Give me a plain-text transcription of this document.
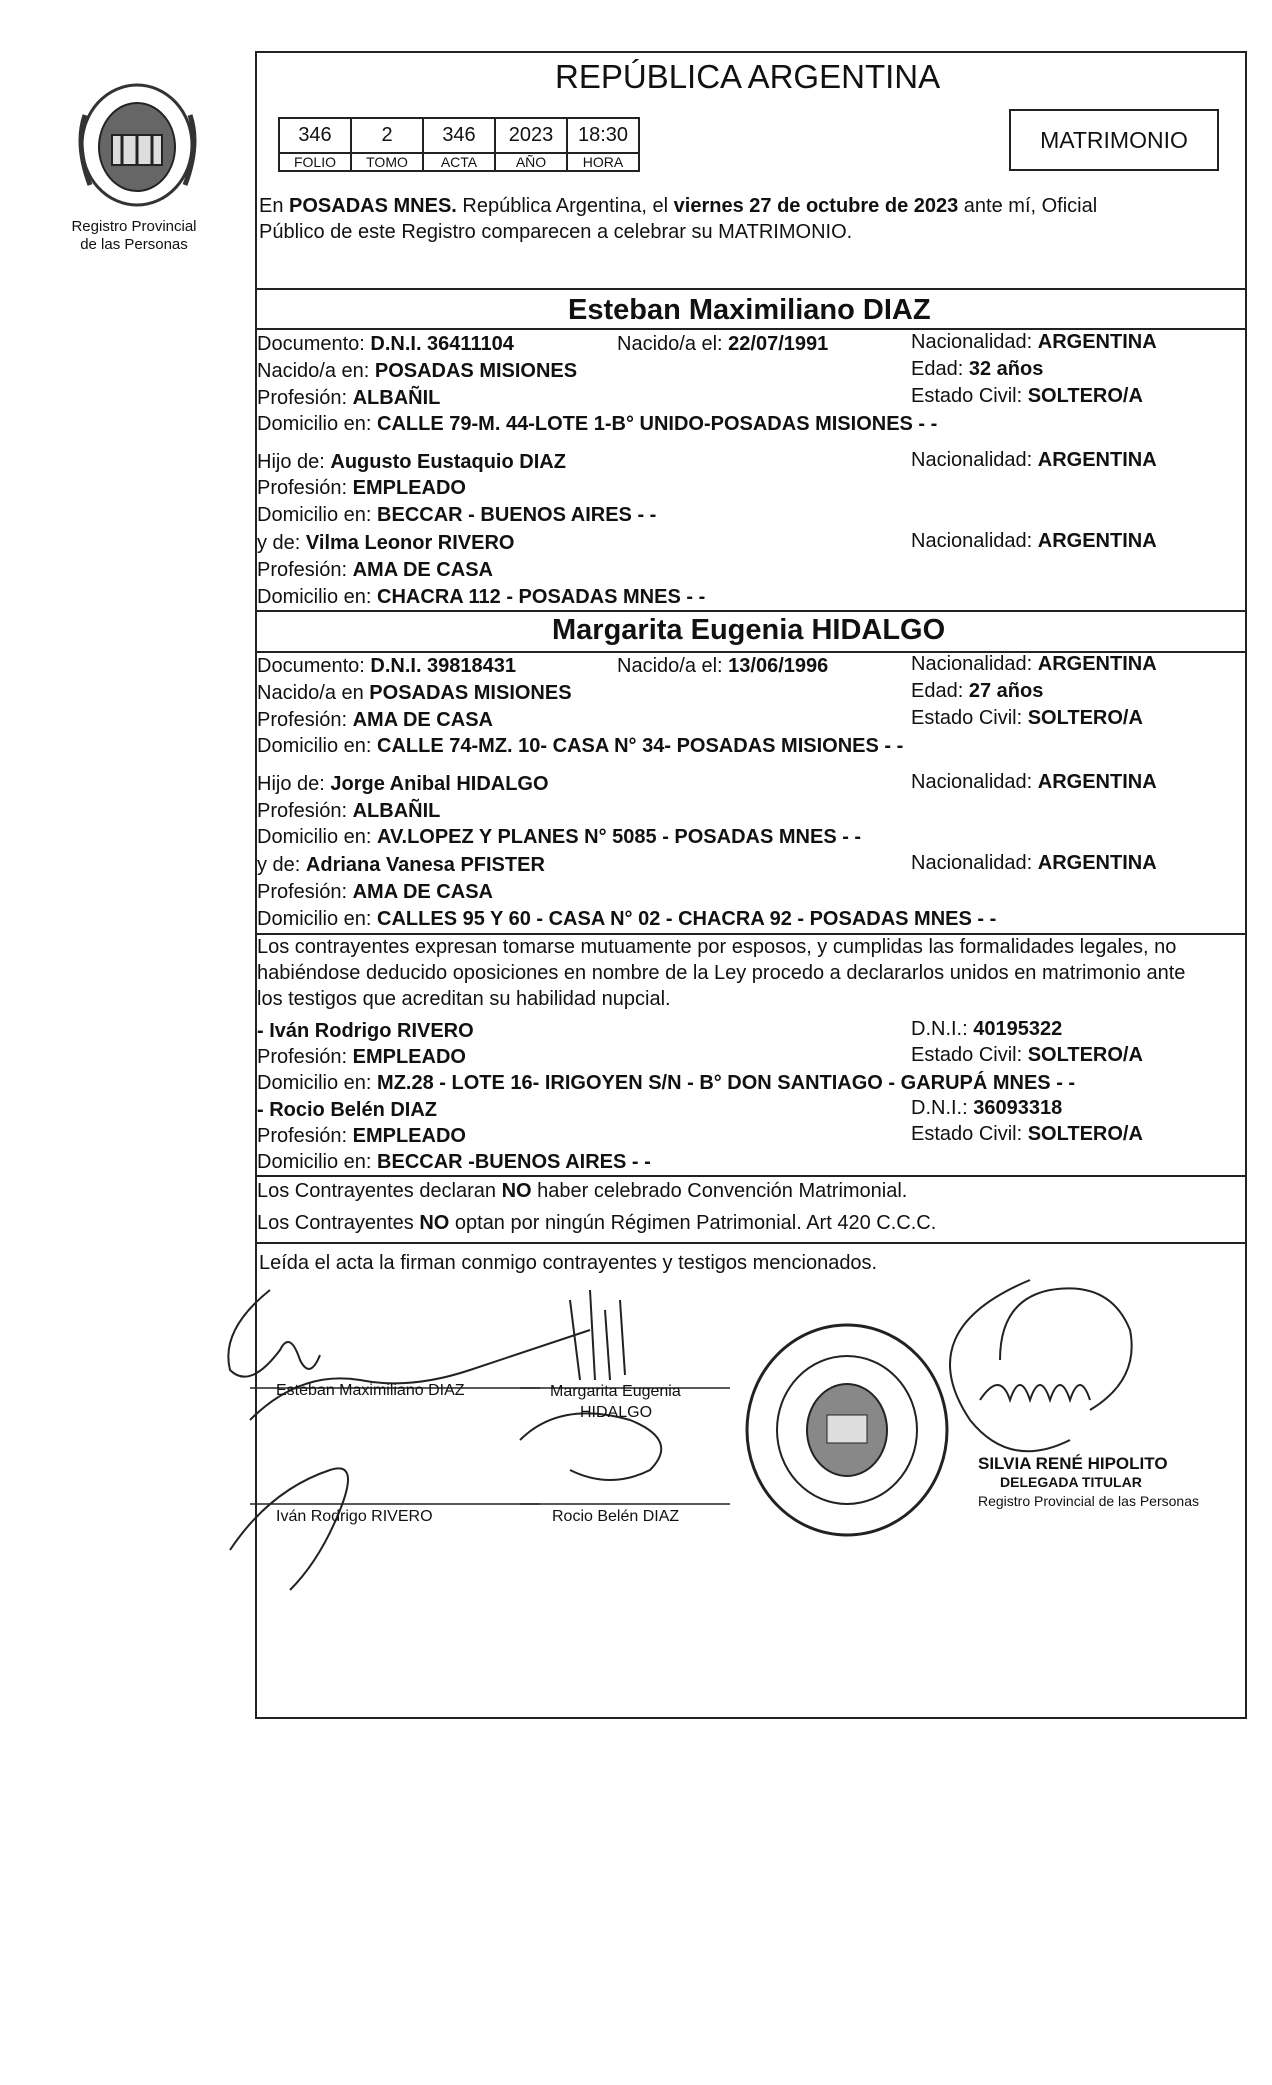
Registro Provincial
de las Personas
REPÚBLICA ARGENTINA
346	2	346	2023	18:30
FOLIO	TOMO	ACTA	AÑO	HORA
MATRIMONIO
En POSADAS MNES. República Argentina, el viernes 27 de octubre de 2023 ante mí, Oficial
Público de este Registro comparecen a celebrar su MATRIMONIO.
Esteban Maximiliano DIAZ
Documento: D.N.I. 36411104	Nacido/a el: 22/07/1991	Nacionalidad: ARGENTINA
Nacido/a en: POSADAS MISIONES	Edad: 32 años
Profesión: ALBAÑIL	Estado Civil: SOLTERO/A
Domicilio en: CALLE 79-M. 44-LOTE 1-B° UNIDO-POSADAS MISIONES - -
Hijo de: Augusto Eustaquio DIAZ	Nacionalidad: ARGENTINA
Profesión: EMPLEADO
Domicilio en: BECCAR - BUENOS AIRES - -
y de: Vilma Leonor RIVERO	Nacionalidad: ARGENTINA
Profesión: AMA DE CASA
Domicilio en: CHACRA 112 - POSADAS MNES - -
Margarita Eugenia HIDALGO
Documento: D.N.I. 39818431	Nacido/a el: 13/06/1996	Nacionalidad: ARGENTINA
Nacido/a en POSADAS MISIONES	Edad: 27 años
Profesión: AMA DE CASA	Estado Civil: SOLTERO/A
Domicilio en: CALLE 74-MZ. 10- CASA N° 34- POSADAS MISIONES - -
Hijo de: Jorge Anibal HIDALGO	Nacionalidad: ARGENTINA
Profesión: ALBAÑIL
Domicilio en: AV.LOPEZ Y PLANES N° 5085 - POSADAS MNES - -
y de: Adriana Vanesa PFISTER	Nacionalidad: ARGENTINA
Profesión: AMA DE CASA
Domicilio en: CALLES 95 Y 60 - CASA N° 02 - CHACRA 92 - POSADAS MNES - -
Los contrayentes expresan tomarse mutuamente por esposos, y cumplidas las formalidades legales, no
habiéndose deducido oposiciones en nombre de la Ley procedo a declararlos unidos en matrimonio ante
los testigos que acreditan su habilidad nupcial.
- Iván Rodrigo RIVERO	D.N.I.: 40195322
Profesión: EMPLEADO	Estado Civil: SOLTERO/A
Domicilio en: MZ.28 - LOTE 16- IRIGOYEN S/N - B° DON SANTIAGO - GARUPÁ MNES - -
- Rocio Belén DIAZ	D.N.I.: 36093318
Profesión: EMPLEADO	Estado Civil: SOLTERO/A
Domicilio en: BECCAR -BUENOS AIRES - -
Los Contrayentes declaran NO haber celebrado Convención Matrimonial.
Los Contrayentes NO optan por ningún Régimen Patrimonial. Art 420 C.C.C.
Leída el acta la firman conmigo contrayentes y testigos mencionados.
Esteban Maximiliano DIAZ	Margarita Eugenia
HIDALGO
Iván Rodrigo RIVERO	Rocio Belén DIAZ
SILVIA RENÉ HIPOLITO
DELEGADA TITULAR
Registro Provincial de las Personas
